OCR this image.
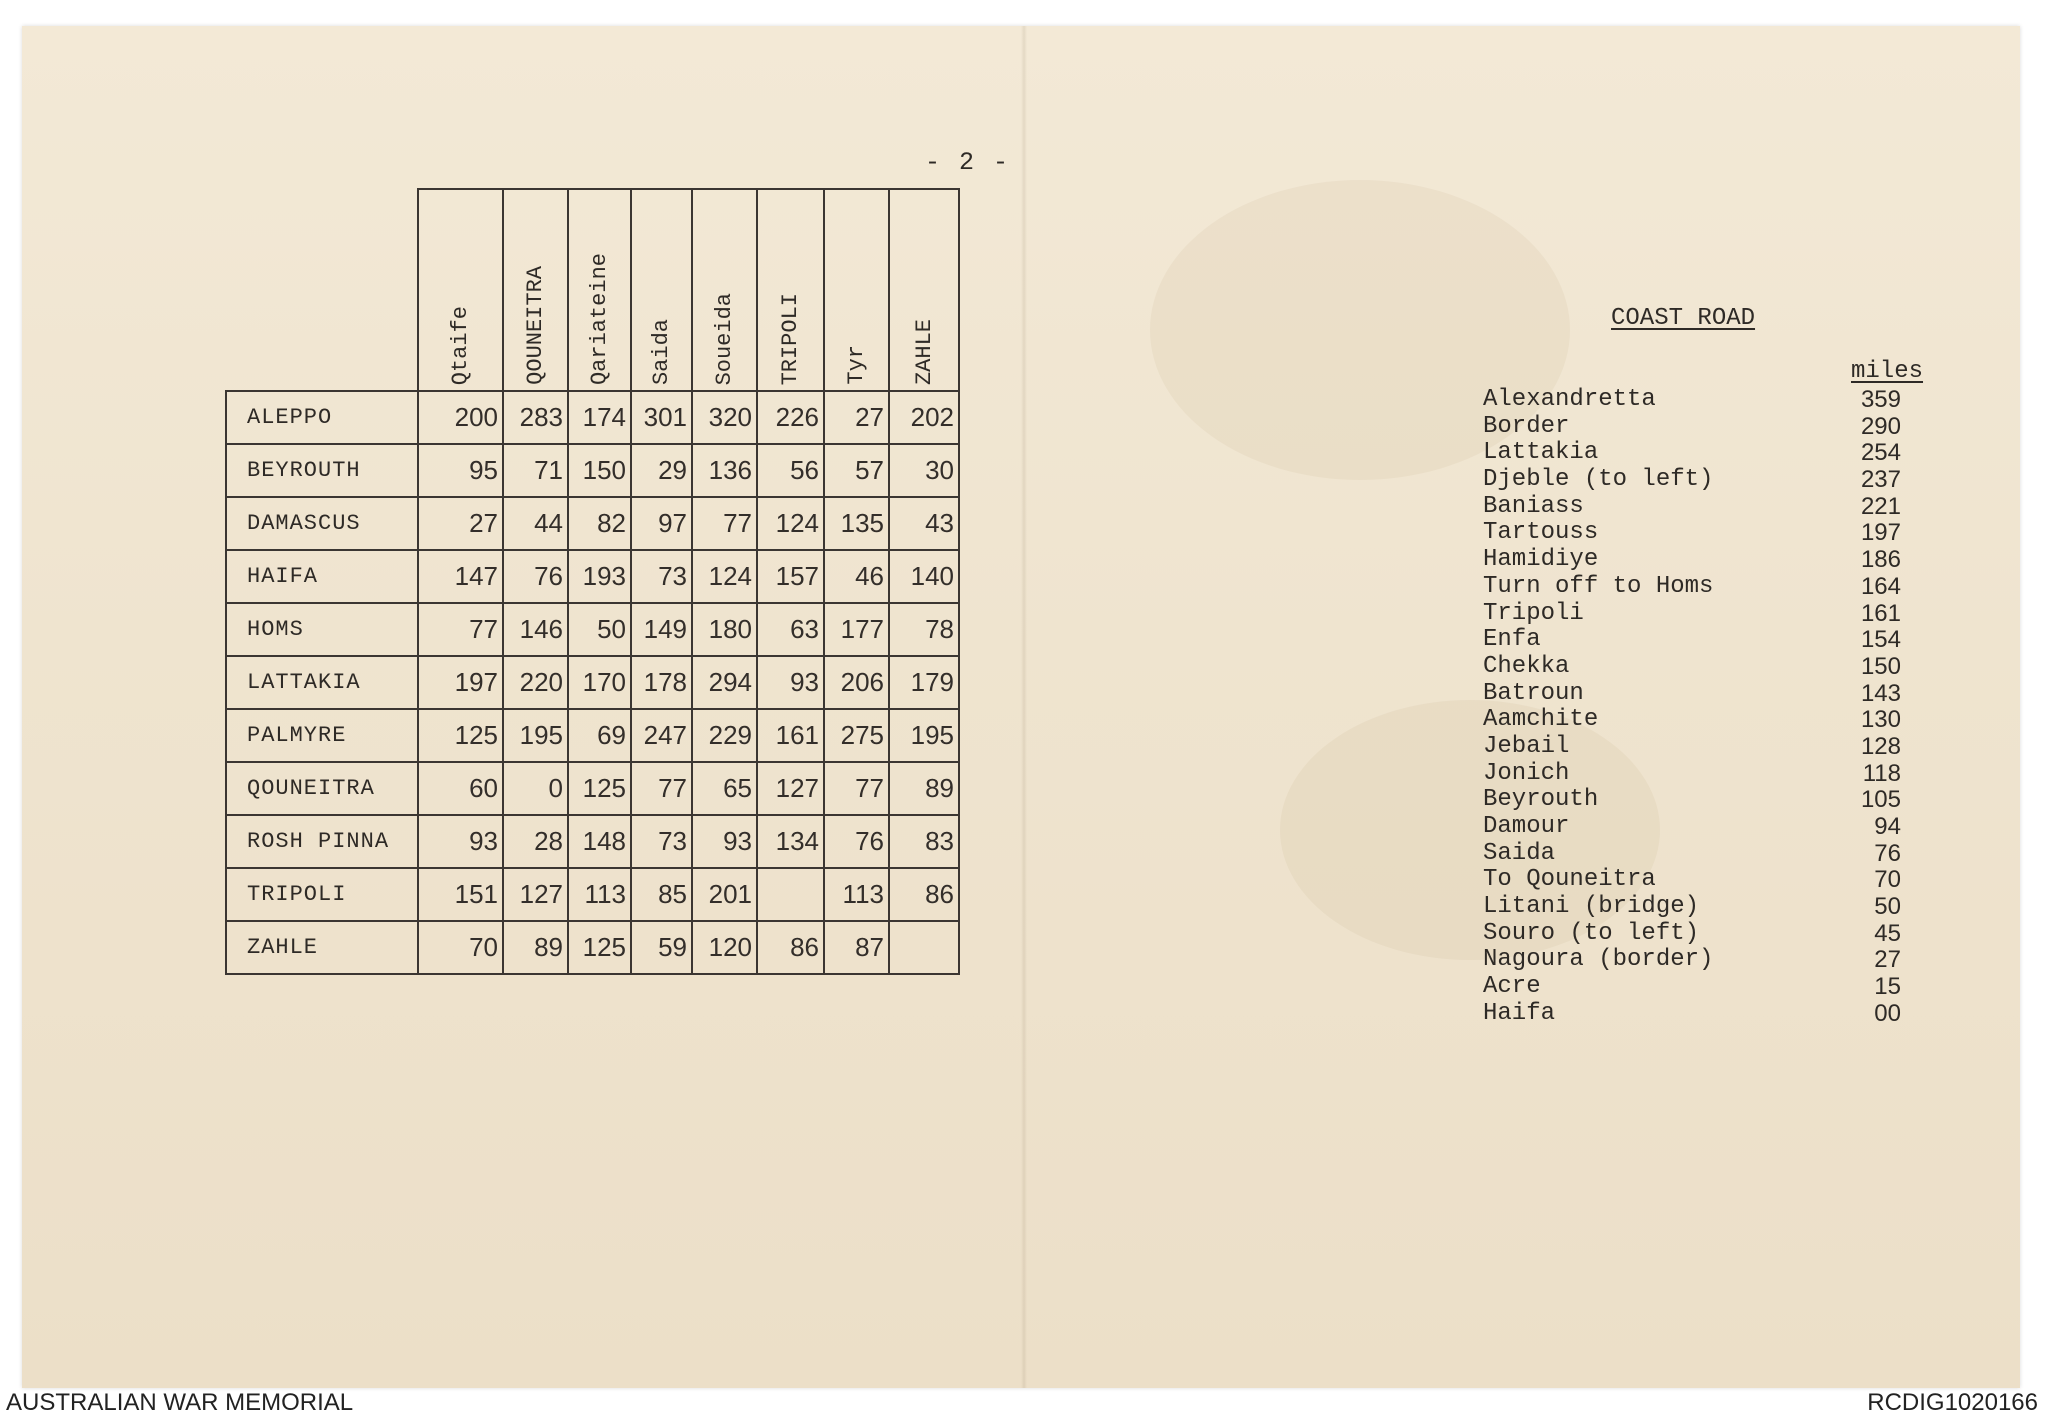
- 2 -
	Qtaife	QOUNEITRA	Qariateine	Saida	Soueida	TRIPOLI	Tyr	ZAHLE
ALEPPO	200	283	174	301	320	226	27	202
BEYROUTH	95	71	150	29	136	56	57	30
DAMASCUS	27	44	82	97	77	124	135	43
HAIFA	147	76	193	73	124	157	46	140
HOMS	77	146	50	149	180	63	177	78
LATTAKIA	197	220	170	178	294	93	206	179
PALMYRE	125	195	69	247	229	161	275	195
QOUNEITRA	60	0	125	77	65	127	77	89
ROSH PINNA	93	28	148	73	93	134	76	83
TRIPOLI	151	127	113	85	201		113	86
ZAHLE	70	89	125	59	120	86	87	
COAST ROAD
miles
Alexandretta	359
Border	290
Lattakia	254
Djeble (to left)	237
Baniass	221
Tartouss	197
Hamidiye	186
Turn off to Homs	164
Tripoli	161
Enfa	154
Chekka	150
Batroun	143
Aamchite	130
Jebail	128
Jonich	118
Beyrouth	105
Damour	94
Saida	76
To Qouneitra	70
Litani (bridge)	50
Souro (to left)	45
Nagoura (border)	27
Acre	15
Haifa	00
AUSTRALIAN WAR MEMORIAL	RCDIG1020166
